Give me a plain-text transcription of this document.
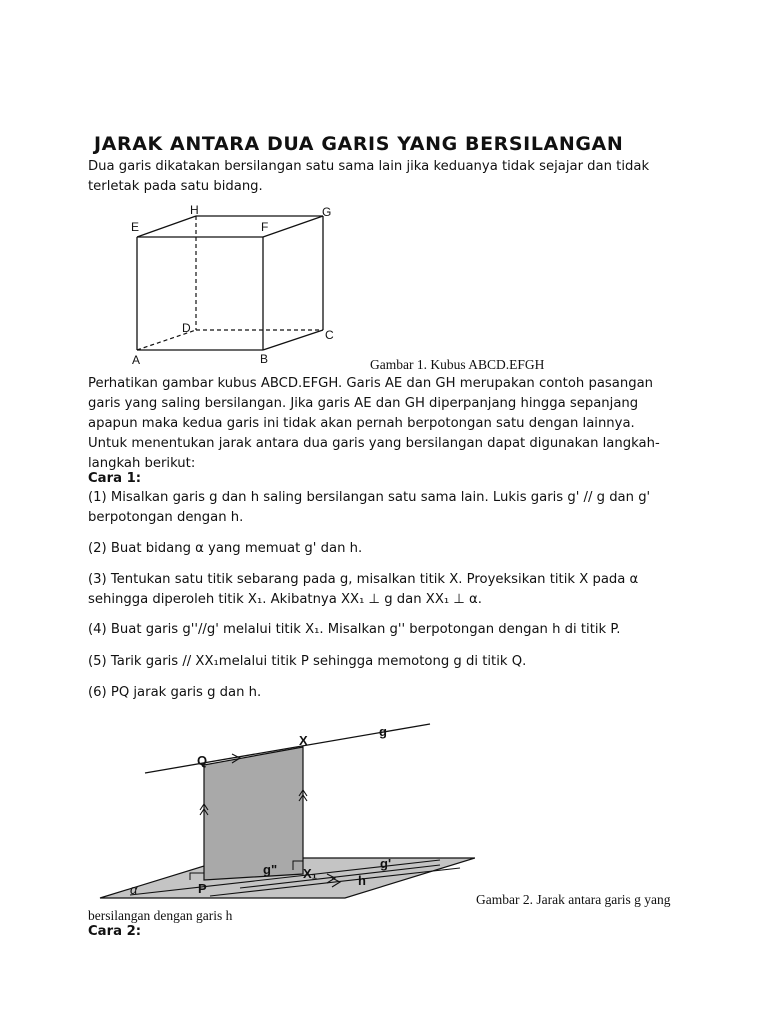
JARAK ANTARA DUA GARIS YANG BERSILANGAN
Dua garis dikatakan bersilangan satu sama lain jika keduanya tidak sejajar dan tidak terletak pada satu bidang.
A	B
C
D
E	F
G
H
Gambar 1. Kubus ABCD.EFGH
Perhatikan gambar kubus ABCD.EFGH. Garis AE dan GH merupakan contoh pasangan garis yang saling bersilangan. Jika garis AE dan GH diperpanjang hingga sepanjang apapun maka kedua garis ini tidak akan pernah berpotongan satu dengan lainnya. Untuk menentukan jarak antara dua garis yang bersilangan dapat digunakan langkah-langkah berikut:
Cara 1:
(1) Misalkan garis g dan h saling bersilangan satu sama lain. Lukis garis g' // g dan g' berpotongan dengan h.
(2) Buat bidang α yang memuat g' dan h.
(3) Tentukan satu titik sebarang pada g, misalkan titik X. Proyeksikan titik X pada α sehingga diperoleh titik X₁. Akibatnya XX₁ ⊥ g dan XX₁ ⊥ α.
(4) Buat garis g''//g' melalui titik X₁. Misalkan g'' berpotongan dengan h di titik P.
(5) Tarik garis // XX₁melalui titik P sehingga memotong g di titik Q.
(6) PQ jarak garis g dan h.
Q
X
g
g" X₁
g'
h
P
α
Gambar 2. Jarak antara garis g yang
bersilangan dengan garis h
Cara 2:
